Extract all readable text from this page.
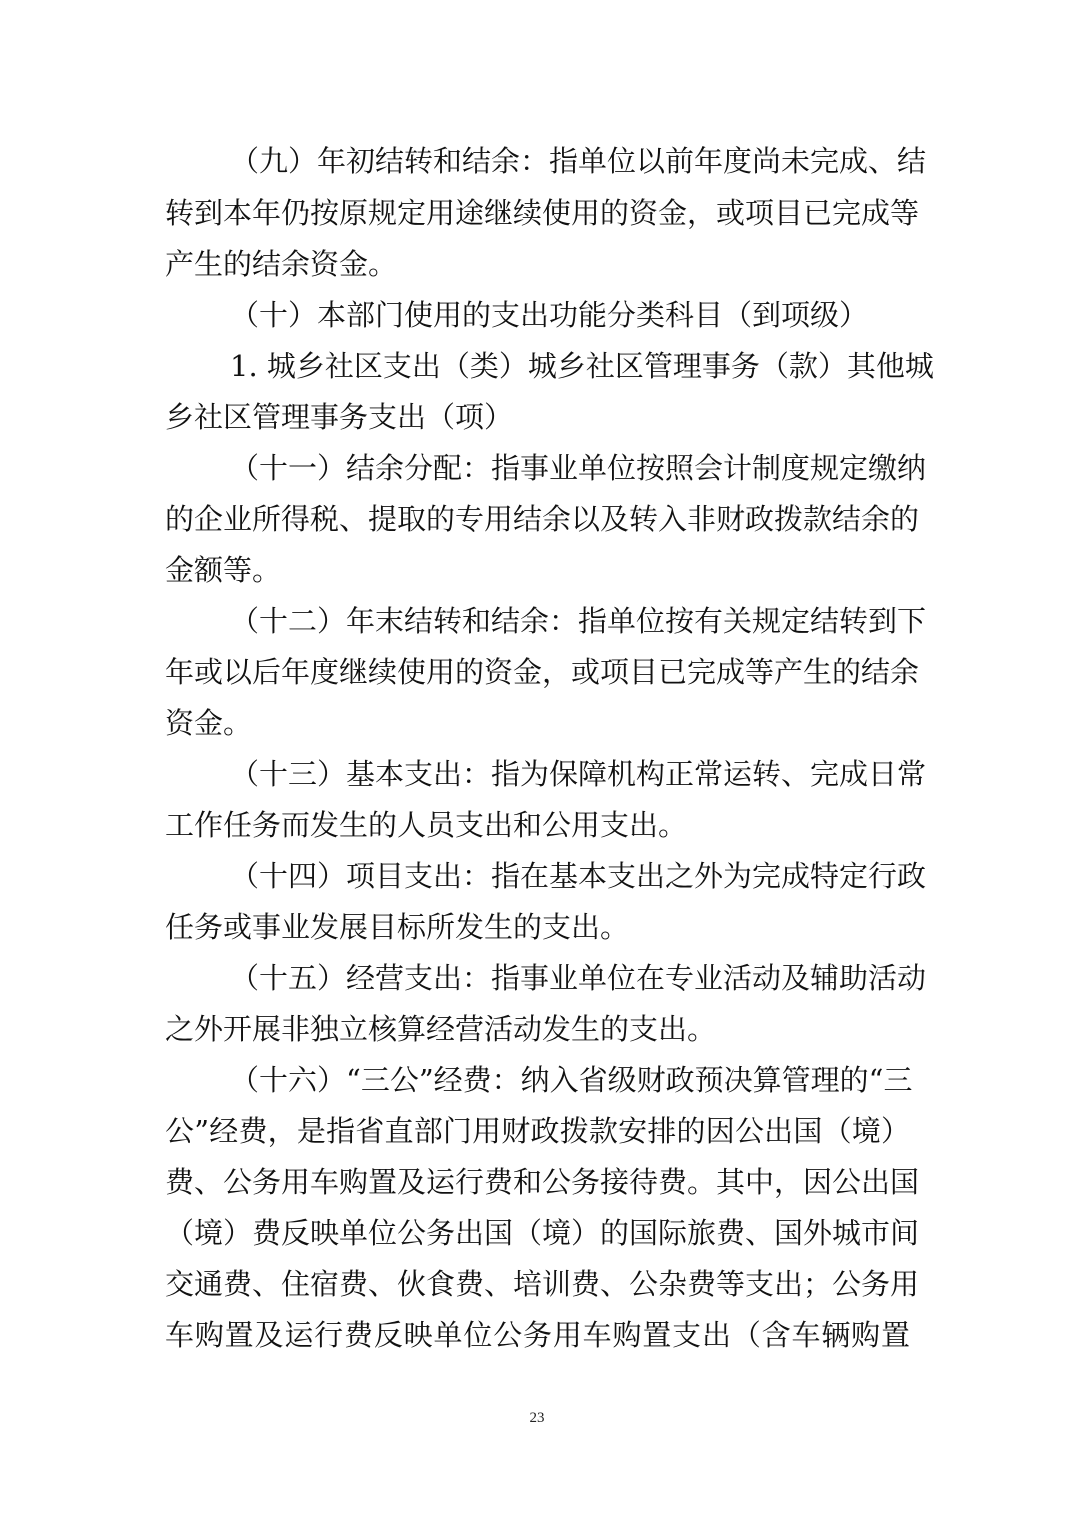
（九）年初结转和结余：指单位以前年度尚未完成、结
转到本年仍按原规定用途继续使用的资金，或项目已完成等
产生的结余资金。
（十）本部门使用的支出功能分类科目（到项级）
1. 城乡社区支出（类）城乡社区管理事务（款）其他城
乡社区管理事务支出（项）
（十一）结余分配：指事业单位按照会计制度规定缴纳
的企业所得税、提取的专用结余以及转入非财政拨款结余的
金额等。
（十二）年末结转和结余：指单位按有关规定结转到下
年或以后年度继续使用的资金，或项目已完成等产生的结余
资金。
（十三）基本支出：指为保障机构正常运转、完成日常
工作任务而发生的人员支出和公用支出。
（十四）项目支出：指在基本支出之外为完成特定行政
任务或事业发展目标所发生的支出。
（十五）经营支出：指事业单位在专业活动及辅助活动
之外开展非独立核算经营活动发生的支出。
（十六）“三公”经费：纳入省级财政预决算管理的“三
公”经费，是指省直部门用财政拨款安排的因公出国（境）
费、公务用车购置及运行费和公务接待费。其中，因公出国
（境）费反映单位公务出国（境）的国际旅费、国外城市间
交通费、住宿费、伙食费、培训费、公杂费等支出；公务用
车购置及运行费反映单位公务用车购置支出（含车辆购置
23
